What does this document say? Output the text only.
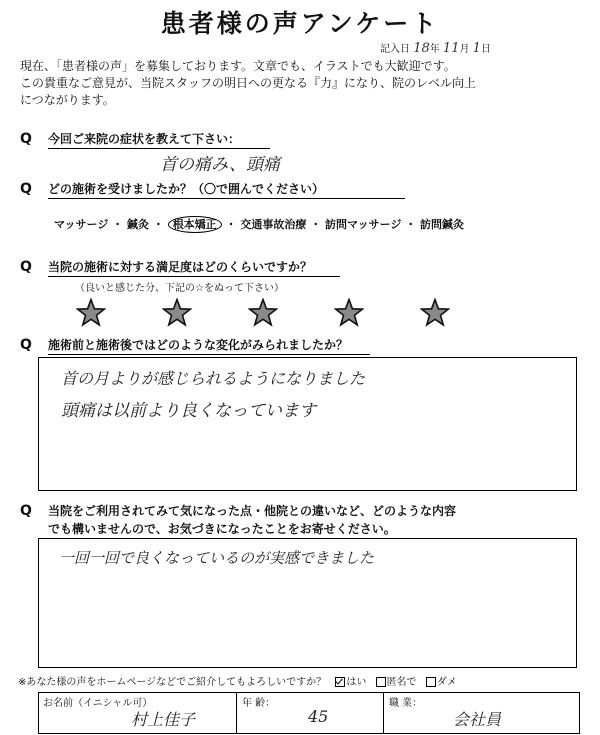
患者様の声アンケート
記入日 18年 11月 1日
現在、「患者様の声」を募集しております。文章でも、イラストでも大歓迎です。
この貴重なご意見が、当院スタッフの明日への更なる『力』になり、院のレベル向上
につながります。
Q 今回ご来院の症状を教えて下さい：
首の痛み、頭痛
Q どの施術を受けましたか？（〇で囲んでください）
マッサージ ・ 鍼灸 ・ 根本矯正 ・ 交通事故治療 ・ 訪問マッサージ ・ 訪問鍼灸
Q 当院の施術に対する満足度はどのくらいですか？
（良いと感じた分、下記の☆をぬって下さい）
Q 施術前と施術後ではどのような変化がみられましたか？
首の月よりが感じられるようになりました
頭痛は以前より良くなっています
Q 当院をご利用されてみて気になった点・他院との違いなど、どのような内容
でも構いませんので、お気づきになったことをお寄せください。
一回一回で良くなっているのが実感できました
※あなた様の声をホームページなどでご紹介してもよろしいですか？ はい 匿名で ダメ
お名前（イニシャル可）
村上佳子
年 齢：
45
職 業：
会社員
